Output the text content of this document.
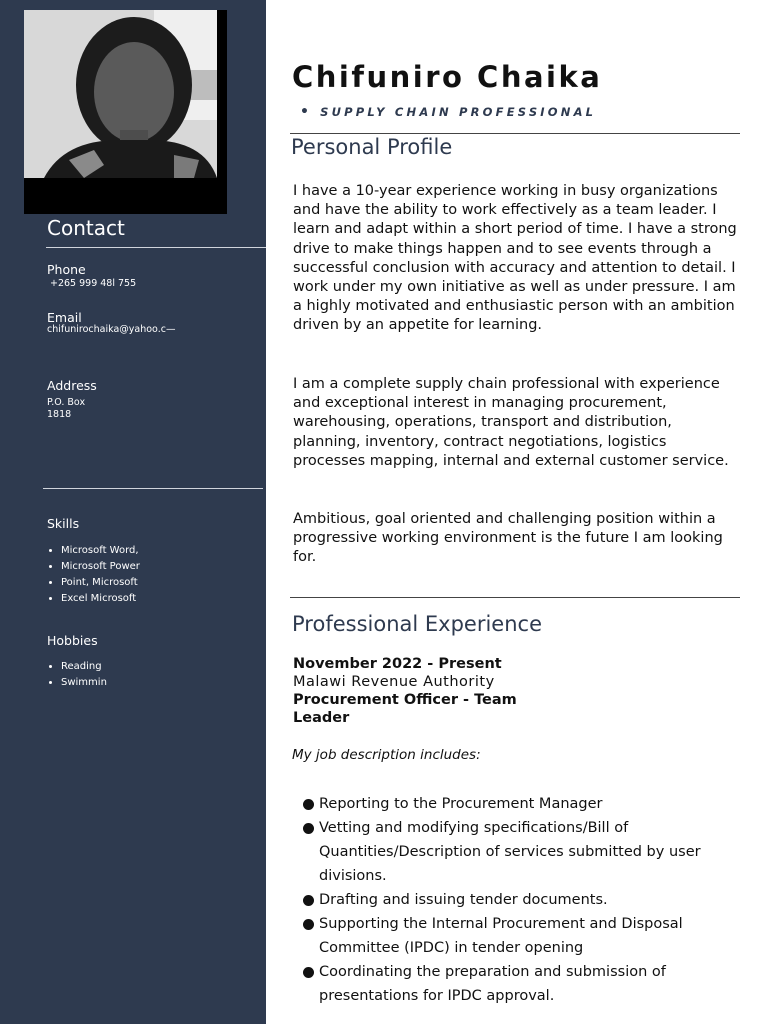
Contact
Phone
+265 999 48l 755
Email
chifunirochaika@yahoo.c—
Address
P.O. Box
1818
Skills
• Microsoft Word,
• Microsoft Power
• Point, Microsoft
• Excel Microsoft
Hobbies
• Reading
• Swimmin
Chifuniro Chaika
• SUPPLY CHAIN PROFESSIONAL
Personal Profile

I have a 10-year experience working in busy organizations and have the ability to work effectively as a team leader. I learn and adapt within a short period of time. I have a strong drive to make things happen and to see events through a successful conclusion with accuracy and attention to detail. I work under my own initiative as well as under pressure. I am a highly motivated and enthusiastic person with an ambition driven by an appetite for learning.

I am a complete supply chain professional with experience and exceptional interest in managing procurement, warehousing, operations, transport and distribution, planning, inventory, contract negotiations, logistics processes mapping, internal and external customer service.

Ambitious, goal oriented and challenging position within a progressive working environment is the future I am looking for.

Professional Experience
November 2022 - Present
Malawi Revenue Authority
Procurement Officer - Team Leader
My job description includes:
Reporting to the Procurement Manager
Vetting and modifying specifications/Bill of Quantities/Description of services submitted by user divisions.
Drafting and issuing tender documents.
Supporting the Internal Procurement and Disposal Committee (IPDC) in tender opening
Coordinating the preparation and submission of presentations for IPDC approval.
